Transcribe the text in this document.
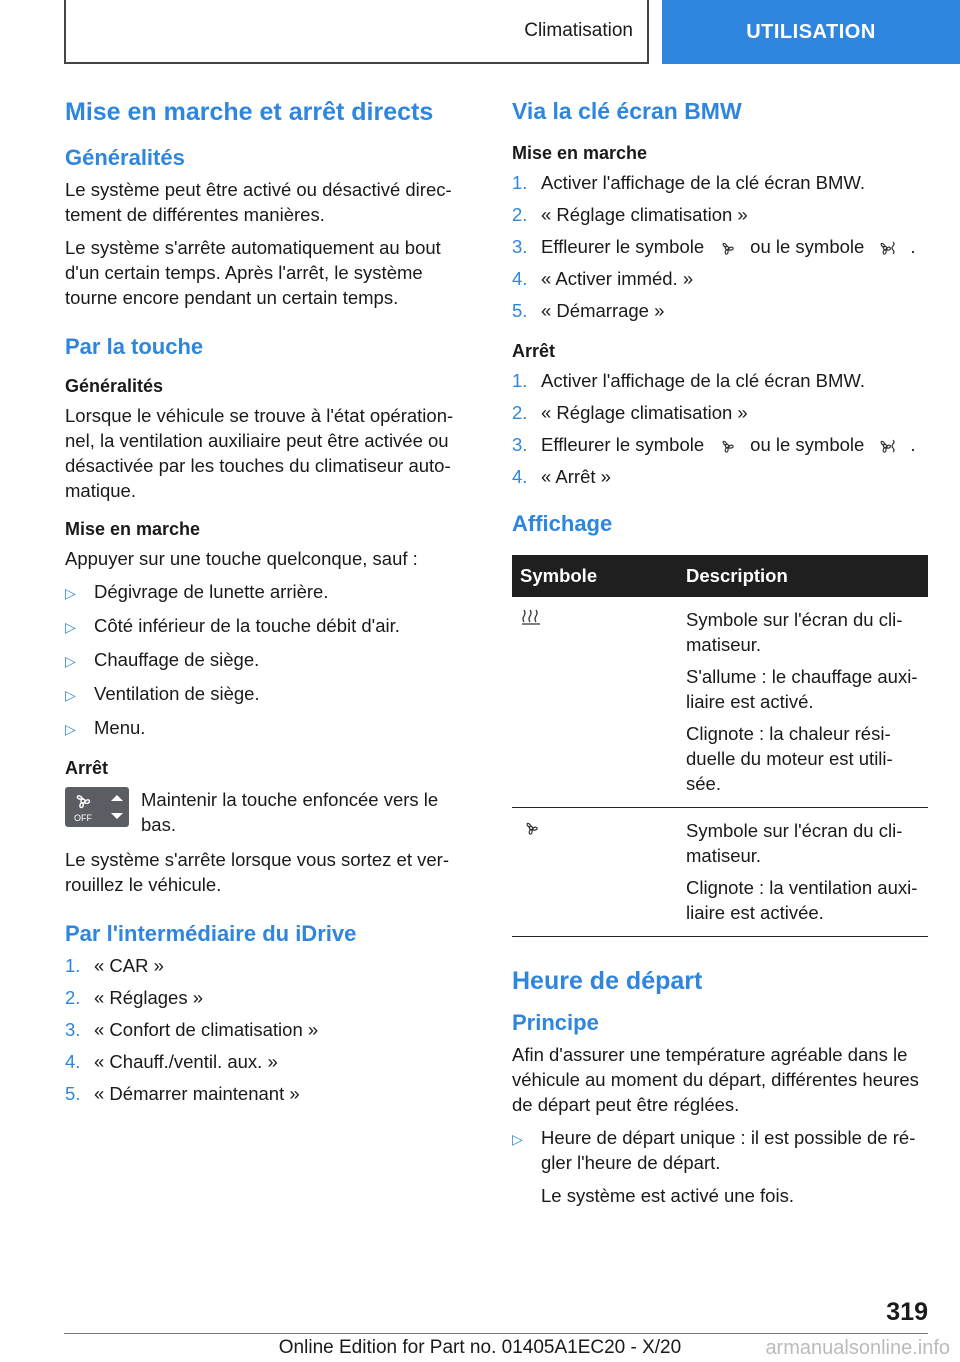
Climatisation	UTILISATION
Mise en marche et arrêt directs
Généralités

Le système peut être activé ou désactivé directement de différentes manières.

Le système s'arrête automatiquement au bout d'un certain temps. Après l'arrêt, le système tourne encore pendant un certain temps.

Par la touche
Généralités

Lorsque le véhicule se trouve à l'état opérationnel, la ventilation auxiliaire peut être activée ou désactivée par les touches du climatiseur automatique.

Mise en marche

Appuyer sur une touche quelconque, sauf :

▷ Dégivrage de lunette arrière.
▷ Côté inférieur de la touche débit d'air.
▷ Chauffage de siège.
▷ Ventilation de siège.
▷ Menu.
Arrêt
OFF

Maintenir la touche enfoncée vers le bas.

Le système s'arrête lorsque vous sortez et verrouillez le véhicule.

Par l'intermédiaire du iDrive
1. « CAR »
2. « Réglages »
3. « Confort de climatisation »
4. « Chauff./ventil. aux. »
5. « Démarrer maintenant »
Via la clé écran BMW
Mise en marche
1. Activer l'affichage de la clé écran BMW.
2. « Réglage climatisation »
3. Effleurer le symbole ou le symbole .
4. « Activer imméd. »
5. « Démarrage »
Arrêt
1. Activer l'affichage de la clé écran BMW.
2. « Réglage climatisation »
3. Effleurer le symbole ou le symbole .
4. « Arrêt »
Affichage
Symbole	Description

Symbole sur l'écran du climatiseur.

S'allume : le chauffage auxiliaire est activé.

Clignote : la chaleur résiduelle du moteur est utilisée.

Symbole sur l'écran du climatiseur.

Clignote : la ventilation auxiliaire est activée.

Heure de départ
Principe

Afin d'assurer une température agréable dans le véhicule au moment du départ, différentes heures de départ peut être réglées.

▷ Heure de départ unique : il est possible de régler l'heure de départ.
Le système est activé une fois.
319
Online Edition for Part no. 01405A1EC20 - X/20	armanualsonline.info
